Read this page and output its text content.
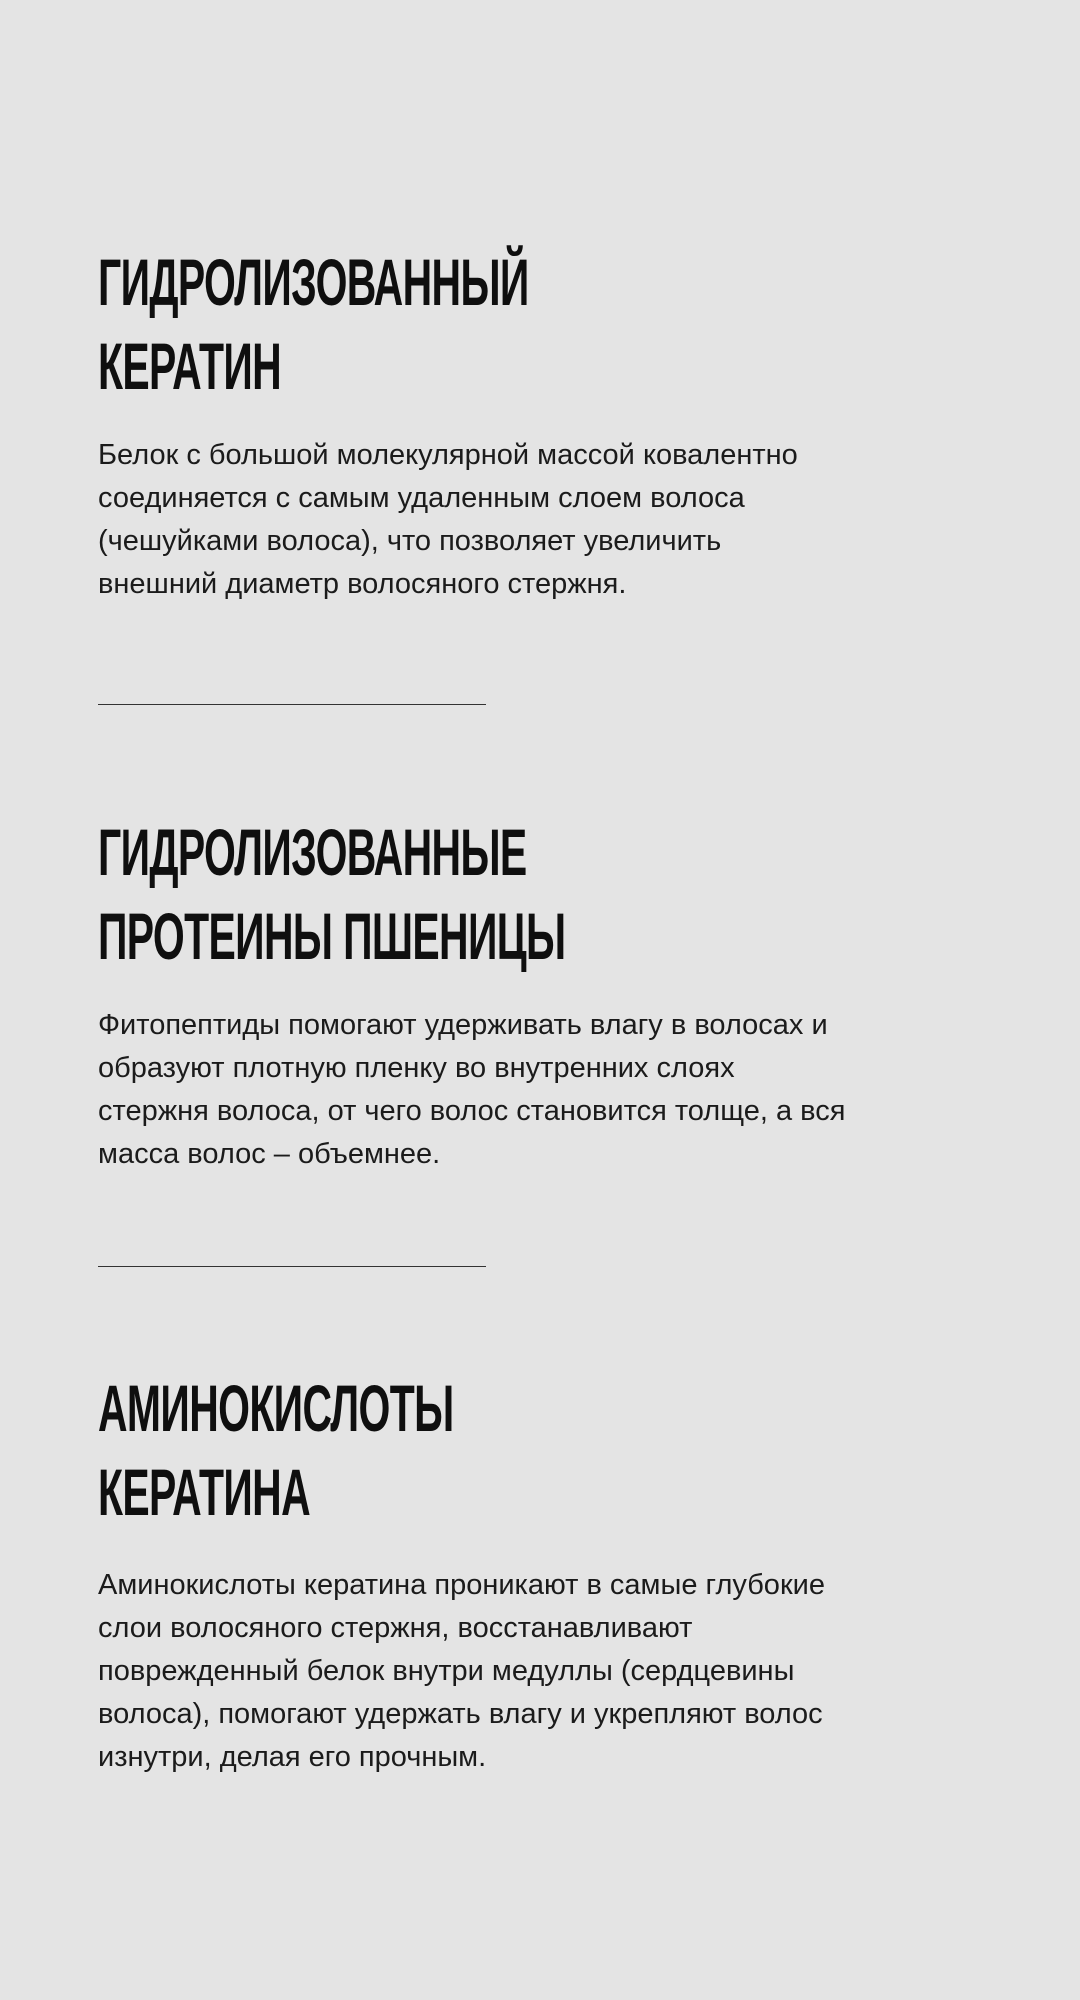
ГИДРОЛИЗОВАННЫЙ
КЕРАТИН

Белок с большой молекулярной массой ковалентно
соединяется с самым удаленным слоем волоса
(чешуйками волоса), что позволяет увеличить
внешний диаметр волосяного стержня.

ГИДРОЛИЗОВАННЫЕ
ПРОТЕИНЫ ПШЕНИЦЫ

Фитопептиды помогают удерживать влагу в волосах и
образуют плотную пленку во внутренних слоях
стержня волоса, от чего волос становится толще, а вся
масса волос – объемнее.

АМИНОКИСЛОТЫ
КЕРАТИНА

Аминокислоты кератина проникают в самые глубокие
слои волосяного стержня, восстанавливают
поврежденный белок внутри медуллы (сердцевины
волоса), помогают удержать влагу и укрепляют волос
изнутри, делая его прочным.
